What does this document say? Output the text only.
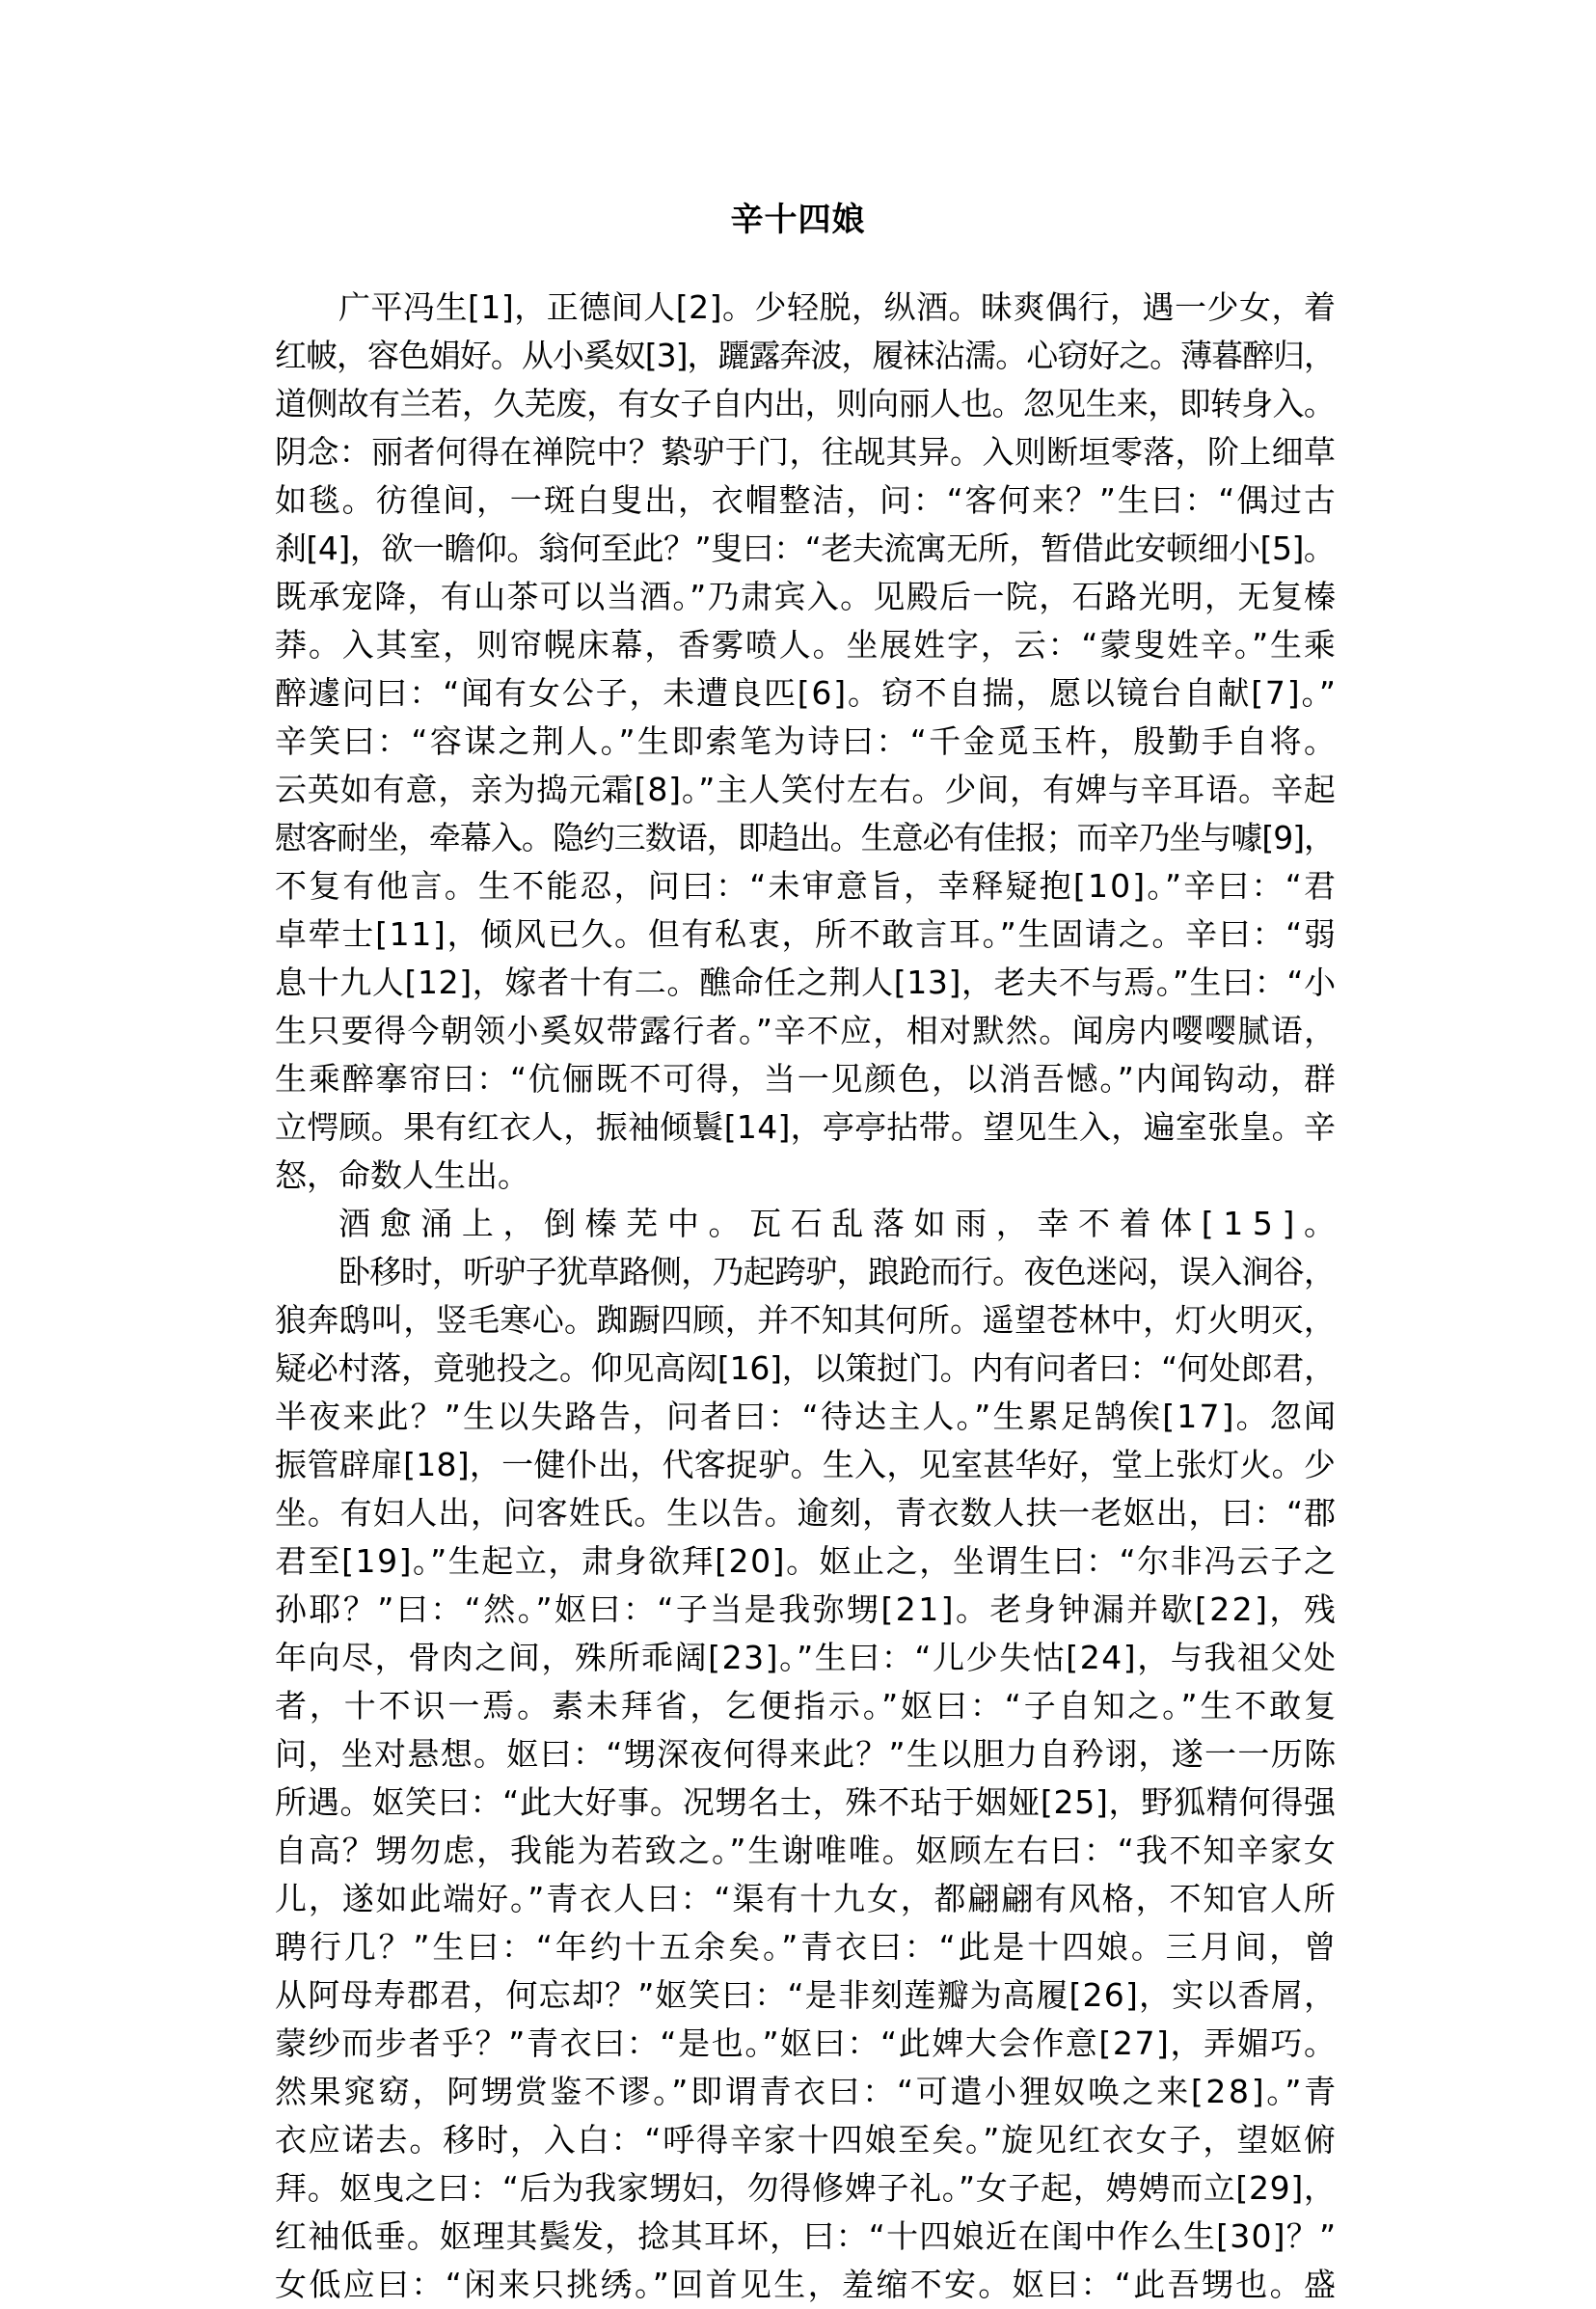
辛十四娘
广平冯生[1]，正德间人[2]。少轻脱，纵酒。昧爽偶行，遇一少女，着
红帔，容色娟好。从小奚奴[3]，躧露奔波，履袜沾濡。心窃好之。薄暮醉归，
道侧故有兰若，久芜废，有女子自内出，则向丽人也。忽见生来，即转身入。
阴念：丽者何得在禅院中？絷驴于门，往觇其异。入则断垣零落，阶上细草
如毯。彷徨间，一斑白叟出，衣帽整洁，问：“客何来？”生曰：“偶过古
刹[4]，欲一瞻仰。翁何至此？”叟曰：“老夫流寓无所，暂借此安顿细小[5]。
既承宠降，有山茶可以当酒。”乃肃宾入。见殿后一院，石路光明，无复榛
莽。入其室，则帘幌床幕，香雾喷人。坐展姓字，云：“蒙叟姓辛。”生乘
醉遽问曰：“闻有女公子，未遭良匹[6]。窃不自揣，愿以镜台自献[7]。”
辛笑曰：“容谋之荆人。”生即索笔为诗曰：“千金觅玉杵，殷勤手自将。
云英如有意，亲为捣元霜[8]。”主人笑付左右。少间，有婢与辛耳语。辛起
慰客耐坐，牵幕入。隐约三数语，即趋出。生意必有佳报；而辛乃坐与噱[9]，
不复有他言。生不能忍，问曰：“未审意旨，幸释疑抱[10]。”辛曰：“君
卓荦士[11]，倾风已久。但有私衷，所不敢言耳。”生固请之。辛曰：“弱
息十九人[12]，嫁者十有二。醮命任之荆人[13]，老夫不与焉。”生曰：“小
生只要得今朝领小奚奴带露行者。”辛不应，相对默然。闻房内嘤嘤腻语，
生乘醉搴帘曰：“伉俪既不可得，当一见颜色，以消吾憾。”内闻钩动，群
立愕顾。果有红衣人，振袖倾鬟[14]，亭亭拈带。望见生入，遍室张皇。辛
怒，命数人生出。
酒愈涌上，倒榛芜中。瓦石乱落如雨，幸不着体[15]。
卧移时，听驴子犹草路侧，乃起跨驴，踉跄而行。夜色迷闷，误入涧谷，
狼奔鸱叫，竖毛寒心。踟蹰四顾，并不知其何所。遥望苍林中，灯火明灭，
疑必村落，竟驰投之。仰见高闳[16]，以策挝门。内有问者曰：“何处郎君，
半夜来此？”生以失路告，问者曰：“待达主人。”生累足鹄俟[17]。忽闻
振管辟扉[18]，一健仆出，代客捉驴。生入，见室甚华好，堂上张灯火。少
坐。有妇人出，问客姓氏。生以告。逾刻，青衣数人扶一老妪出，曰：“郡
君至[19]。”生起立，肃身欲拜[20]。妪止之，坐谓生曰：“尔非冯云子之
孙耶？”曰：“然。”妪曰：“子当是我弥甥[21]。老身钟漏并歇[22]，残
年向尽，骨肉之间，殊所乖阔[23]。”生曰：“儿少失怙[24]，与我祖父处
者，十不识一焉。素未拜省，乞便指示。”妪曰：“子自知之。”生不敢复
问，坐对悬想。妪曰：“甥深夜何得来此？”生以胆力自矜诩，遂一一历陈
所遇。妪笑曰：“此大好事。况甥名士，殊不玷于姻娅[25]，野狐精何得强
自高？甥勿虑，我能为若致之。”生谢唯唯。妪顾左右曰：“我不知辛家女
儿，遂如此端好。”青衣人曰：“渠有十九女，都翩翩有风格，不知官人所
聘行几？”生曰：“年约十五余矣。”青衣曰：“此是十四娘。三月间，曾
从阿母寿郡君，何忘却？”妪笑曰：“是非刻莲瓣为高履[26]，实以香屑，
蒙纱而步者乎？”青衣曰：“是也。”妪曰：“此婢大会作意[27]，弄媚巧。
然果窕窈，阿甥赏鉴不谬。”即谓青衣曰：“可遣小狸奴唤之来[28]。”青
衣应诺去。移时，入白：“呼得辛家十四娘至矣。”旋见红衣女子，望妪俯
拜。妪曳之曰：“后为我家甥妇，勿得修婢子礼。”女子起，娉娉而立[29]，
红袖低垂。妪理其鬓发，捻其耳坏，曰：“十四娘近在闺中作么生[30]？”
女低应曰：“闲来只挑绣。”回首见生，羞缩不安。妪曰：“此吾甥也。盛
